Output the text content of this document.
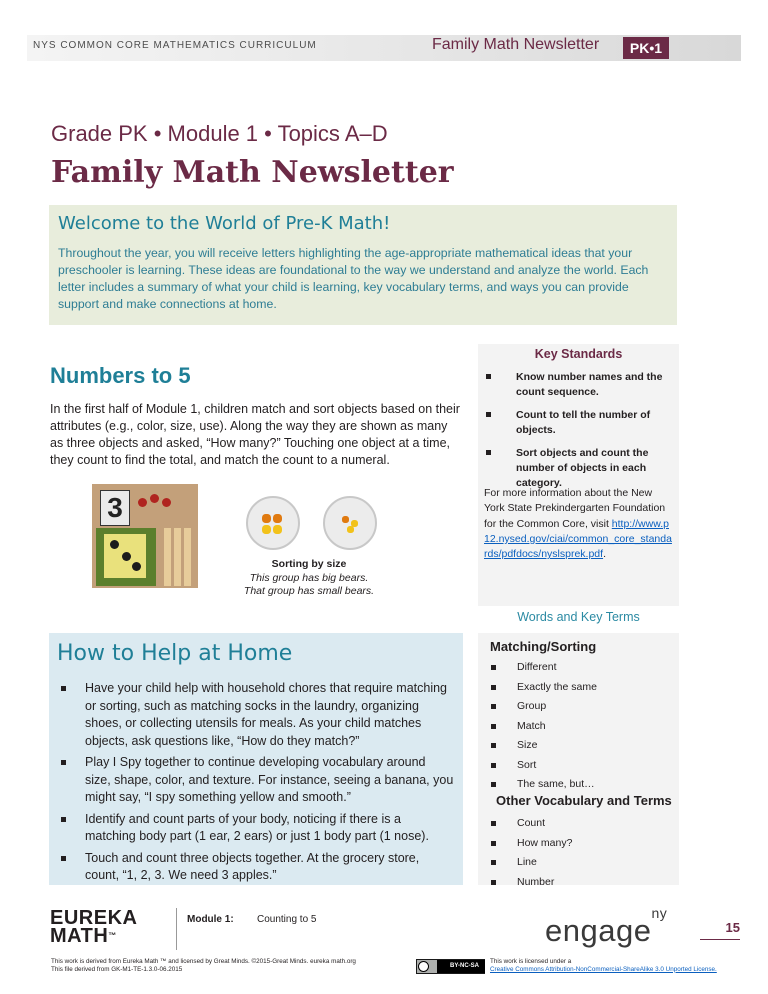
NYS COMMON CORE MATHEMATICS CURRICULUM	Family Math Newsletter	PK•1
Grade PK • Module 1 • Topics A–D
Family Math Newsletter
Welcome to the World of Pre-K Math!
Throughout the year, you will receive letters highlighting the age-appropriate mathematical ideas that your preschooler is learning. These ideas are foundational to the way we understand and analyze the world. Each letter includes a summary of what your child is learning, key vocabulary terms, and ways you can provide support and make connections at home.
Numbers to 5
In the first half of Module 1, children match and sort objects based on their attributes (e.g., color, size, use). Along the way they are shown as many as three objects and asked, “How many?” Touching one object at a time, they count to find the total, and match the count to a numeral.
3
Sorting by size
This group has big bears.
That group has small bears.
Key Standards
Know number names and the count sequence.
Count to tell the number of objects.
Sort objects and count the number of objects in each category.
For more information about the New York State Prekindergarten Foundation for the Common Core, visit http://www.p12.nysed.gov/ciai/common_core_standards/pdfdocs/nyslsprek.pdf.
Words and Key Terms
How to Help at Home
Have your child help with household chores that require matching or sorting, such as matching socks in the laundry, organizing shoes, or collecting utensils for meals. As your child matches objects, ask questions like, “How do they match?”
Play I Spy together to continue developing vocabulary around size, shape, color, and texture. For instance, seeing a banana, you might say, “I spy something yellow and smooth.”
Identify and count parts of your body, noticing if there is a matching body part (1 ear, 2 ears) or just 1 body part (1 nose).
Touch and count three objects together. At the grocery store, count, “1, 2, 3. We need 3 apples.”
Matching/Sorting
Different
Exactly the same
Group
Match
Size
Sort
The same, but…
Other Vocabulary and Terms
Count
How many?
Line
Number
EUREKA
MATH™
Module 1: Counting to 5	engage$^{ny}$
15
This work is derived from Eureka Math ™ and licensed by Great Minds. ©2015-Great Minds. eureka math.org
This file derived from GK-M1-TE-1.3.0-06.2015	BY-NC-SA
This work is licensed under a
Creative Commons Attribution-NonCommercial-ShareAlike 3.0 Unported License.
